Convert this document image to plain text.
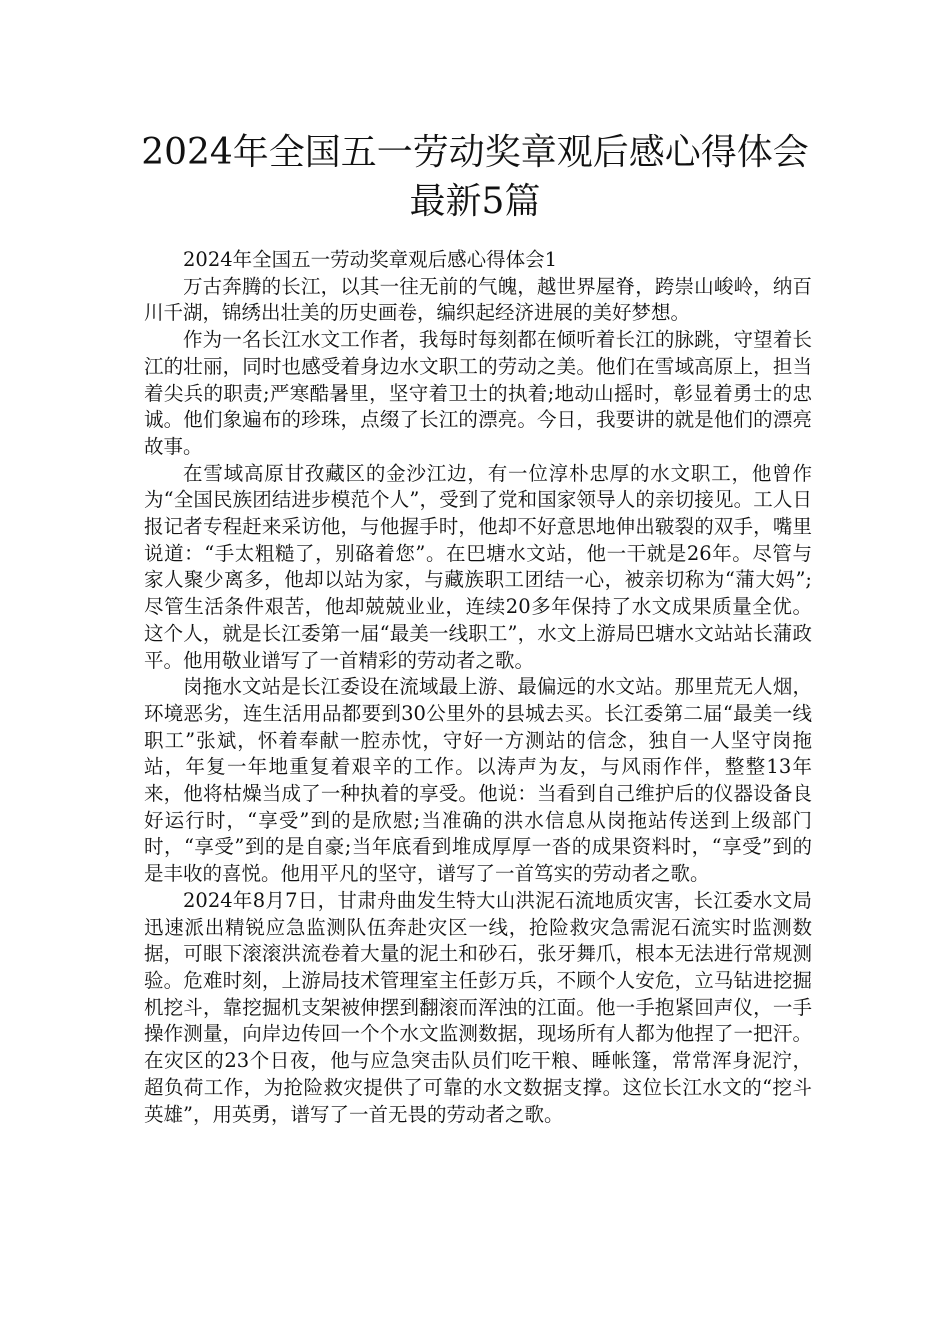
2024年全国五一劳动奖章观后感心得体会
最新5篇

2024年全国五一劳动奖章观后感心得体会1

万古奔腾的长江，以其一往无前的气魄，越世界屋脊，跨崇山峻岭，纳百川千湖，锦绣出壮美的历史画卷，编织起经济进展的美好梦想。

作为一名长江水文工作者，我每时每刻都在倾听着长江的脉跳，守望着长江的壮丽，同时也感受着身边水文职工的劳动之美。他们在雪域高原上，担当着尖兵的职责;严寒酷暑里，坚守着卫士的执着;地动山摇时，彰显着勇士的忠诚。他们象遍布的珍珠，点缀了长江的漂亮。今日，我要讲的就是他们的漂亮故事。

在雪域高原甘孜藏区的金沙江边，有一位淳朴忠厚的水文职工，他曾作为“全国民族团结进步模范个人”，受到了党和国家领导人的亲切接见。工人日报记者专程赶来采访他，与他握手时，他却不好意思地伸出皲裂的双手，嘴里说道：“手太粗糙了，别硌着您”。在巴塘水文站，他一干就是26年。尽管与家人聚少离多，他却以站为家，与藏族职工团结一心，被亲切称为“蒲大妈”;尽管生活条件艰苦，他却兢兢业业，连续20多年保持了水文成果质量全优。这个人，就是长江委第一届“最美一线职工”，水文上游局巴塘水文站站长蒲政平。他用敬业谱写了一首精彩的劳动者之歌。

岗拖水文站是长江委设在流域最上游、最偏远的水文站。那里荒无人烟，环境恶劣，连生活用品都要到30公里外的县城去买。长江委第二届“最美一线职工”张斌，怀着奉献一腔赤忱，守好一方测站的信念，独自一人坚守岗拖站，年复一年地重复着艰辛的工作。以涛声为友，与风雨作伴，整整13年来，他将枯燥当成了一种执着的享受。他说：当看到自己维护后的仪器设备良好运行时，“享受”到的是欣慰;当准确的洪水信息从岗拖站传送到上级部门时，“享受”到的是自豪;当年底看到堆成厚厚一沓的成果资料时，“享受”到的是丰收的喜悦。他用平凡的坚守，谱写了一首笃实的劳动者之歌。

2024年8月7日，甘肃舟曲发生特大山洪泥石流地质灾害，长江委水文局迅速派出精锐应急监测队伍奔赴灾区一线，抢险救灾急需泥石流实时监测数据，可眼下滚滚洪流卷着大量的泥土和砂石，张牙舞爪，根本无法进行常规测验。危难时刻，上游局技术管理室主任彭万兵，不顾个人安危，立马钻进挖掘机挖斗，靠挖掘机支架被伸摆到翻滚而浑浊的江面。他一手抱紧回声仪，一手操作测量，向岸边传回一个个水文监测数据，现场所有人都为他捏了一把汗。在灾区的23个日夜，他与应急突击队员们吃干粮、睡帐篷，常常浑身泥泞，超负荷工作，为抢险救灾提供了可靠的水文数据支撑。这位长江水文的“挖斗英雄”，用英勇，谱写了一首无畏的劳动者之歌。
